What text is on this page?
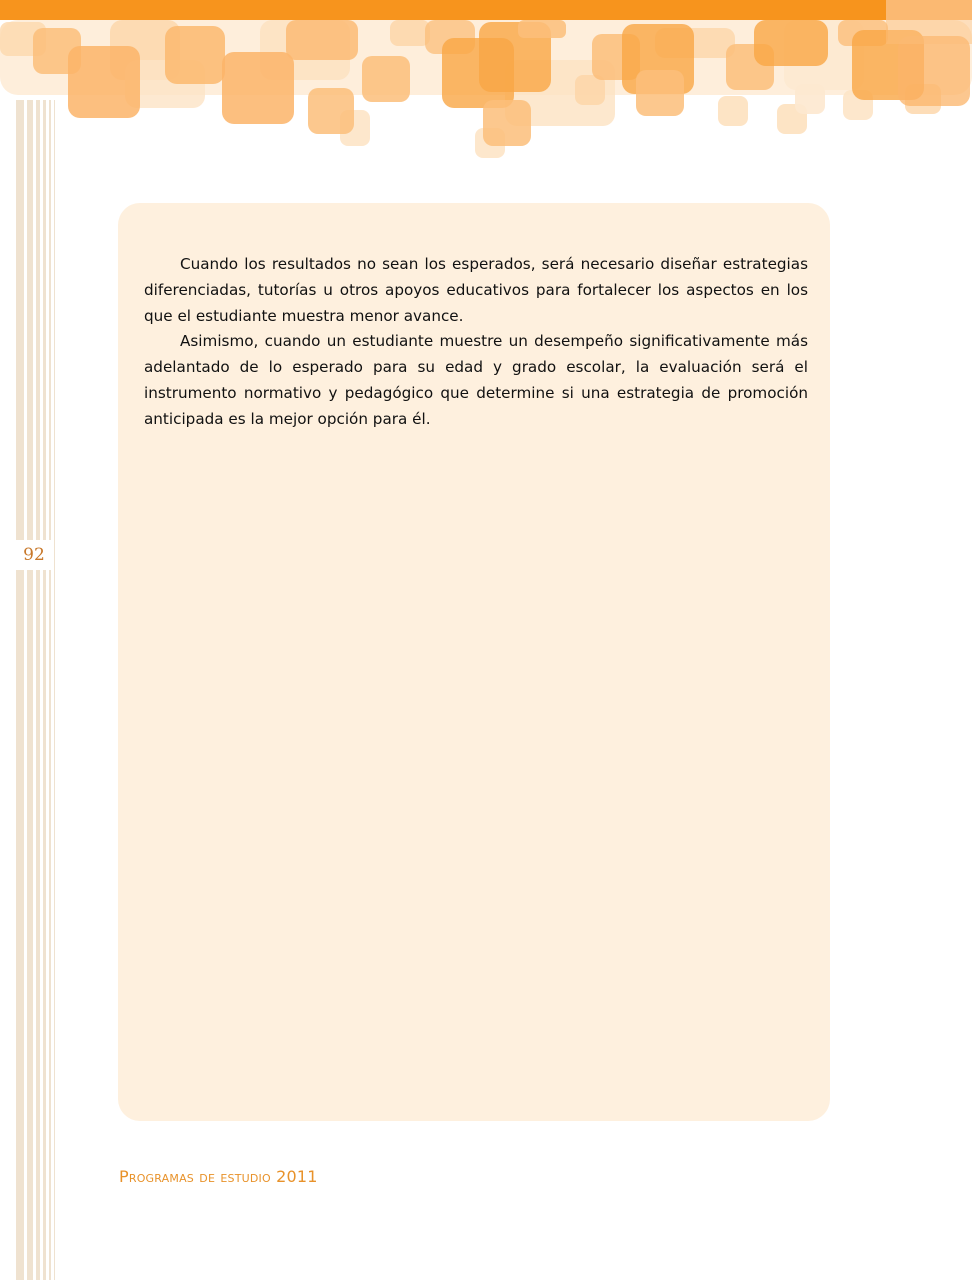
92

Cuando los resultados no sean los esperados, será necesario diseñar estrategias diferenciadas, tutorías u otros apoyos educativos para fortalecer los aspectos en los que el estudiante muestra menor avance.

Asimismo, cuando un estudiante muestre un desempeño significativamente más adelantado de lo esperado para su edad y grado escolar, la evaluación será el instrumento normativo y pedagógico que determine si una estrategia de promoción anticipada es la mejor opción para él.

Programas de estudio 2011
